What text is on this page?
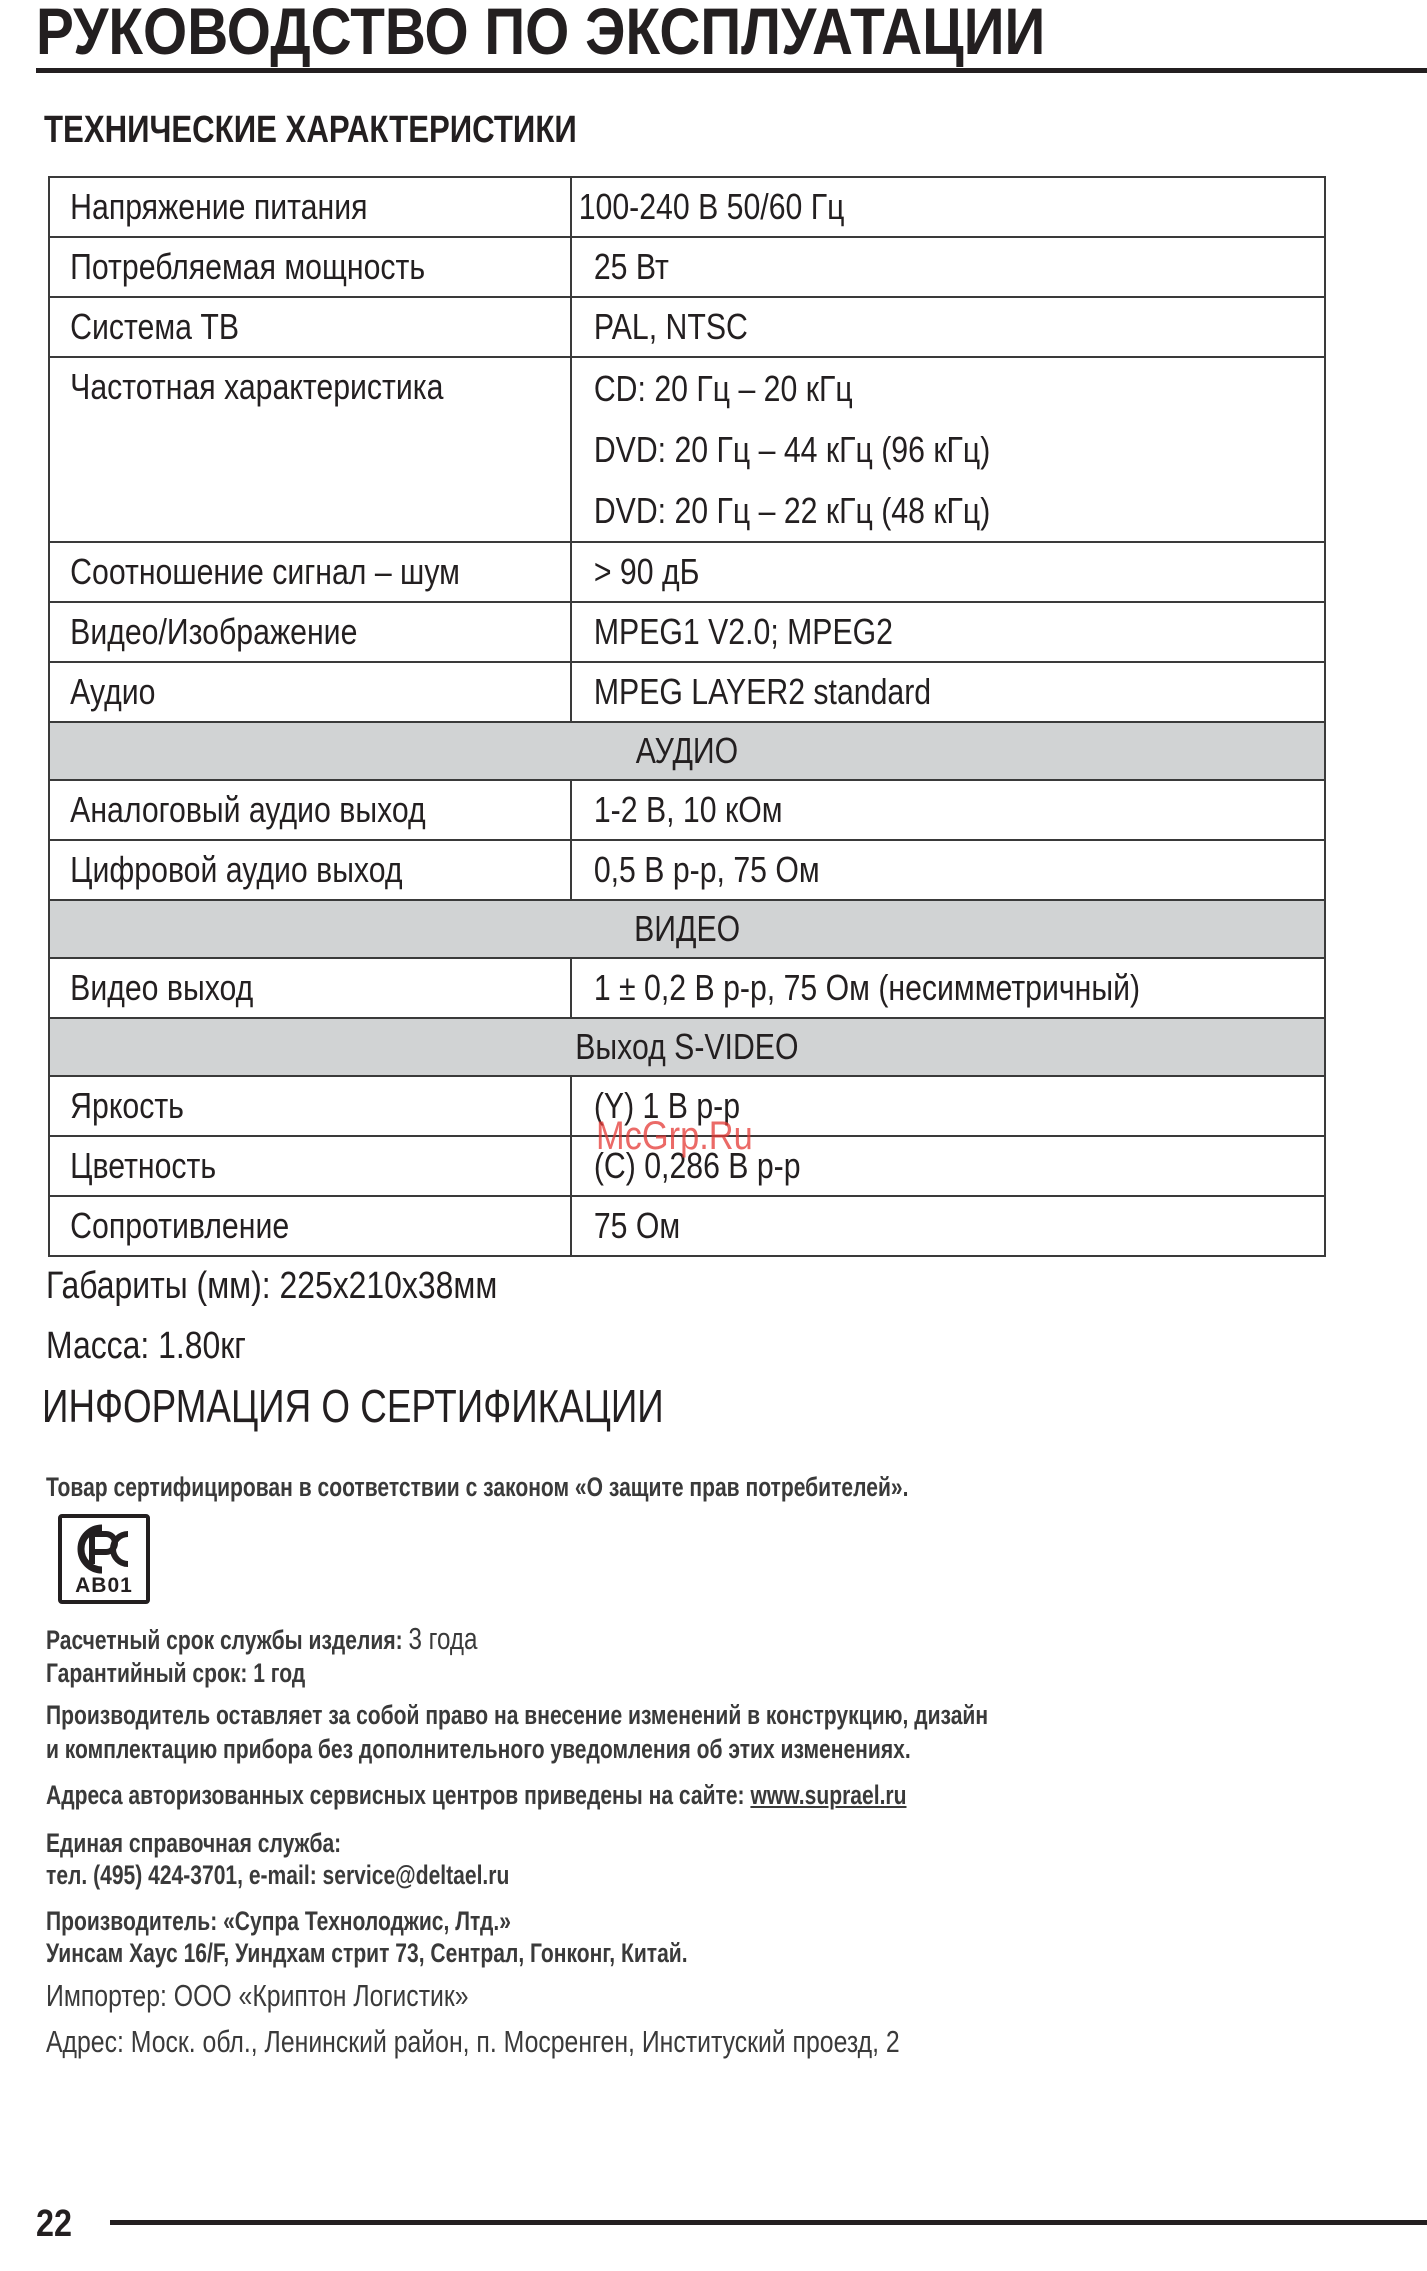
РУКОВОДСТВО ПО ЭКСПЛУАТАЦИИ
ТЕХНИЧЕСКИЕ ХАРАКТЕРИСТИКИ
Напряжение питания	100-240 В 50/60 Гц
Потребляемая мощность	25 Вт
Система ТВ	PAL, NTSC
Частотная характеристика	CD: 20 Гц – 20 кГц
DVD: 20 Гц – 44 кГц (96 кГц)
DVD: 20 Гц – 22 кГц (48 кГц)

Соотношение сигнал – шум	> 90 дБ
Видео/Изображение	MPEG1 V2.0; MPEG2
Аудио	MPEG LAYER2 standard
АУДИО	
Аналоговый аудио выход	1-2 В, 10 кОм
Цифровой аудио выход	0,5 В р-р, 75 Ом
ВИДЕО	
Видео выход	1 ± 0,2 В р-р, 75 Ом (несимметричный)
Выход S-VIDEO	
Яркость	(Y) 1 В р-р
Цветность	(C) 0,286 В р-р
Сопротивление	75 Ом
McGrp.Ru
Габариты (мм): 225x210x38мм
Масса: 1.80кг
ИНФОРМАЦИЯ О СЕРТИФИКАЦИИ
Товар сертифицирован в соответствии с законом «О защите прав потребителей».
АВ01
Расчетный срок службы изделия: 3 года
Гарантийный срок: 1 год
Производитель оставляет за собой право на внесение изменений в конструкцию, дизайн
и комплектацию прибора без дополнительного уведомления об этих изменениях.
Адреса авторизованных сервисных центров приведены на сайте: www.suprael.ru
Единая справочная служба:
тел. (495) 424-3701, e-mail: service@deltael.ru
Производитель: «Супра Технолоджис, Лтд.»
Уинсам Хаус 16/F, Уиндхам стрит 73, Сентрал, Гонконг, Китай.
Импортер: ООО «Криптон Логистик»
Адрес: Моск. обл., Ленинский район, п. Мосренген, Институский проезд, 2
22
